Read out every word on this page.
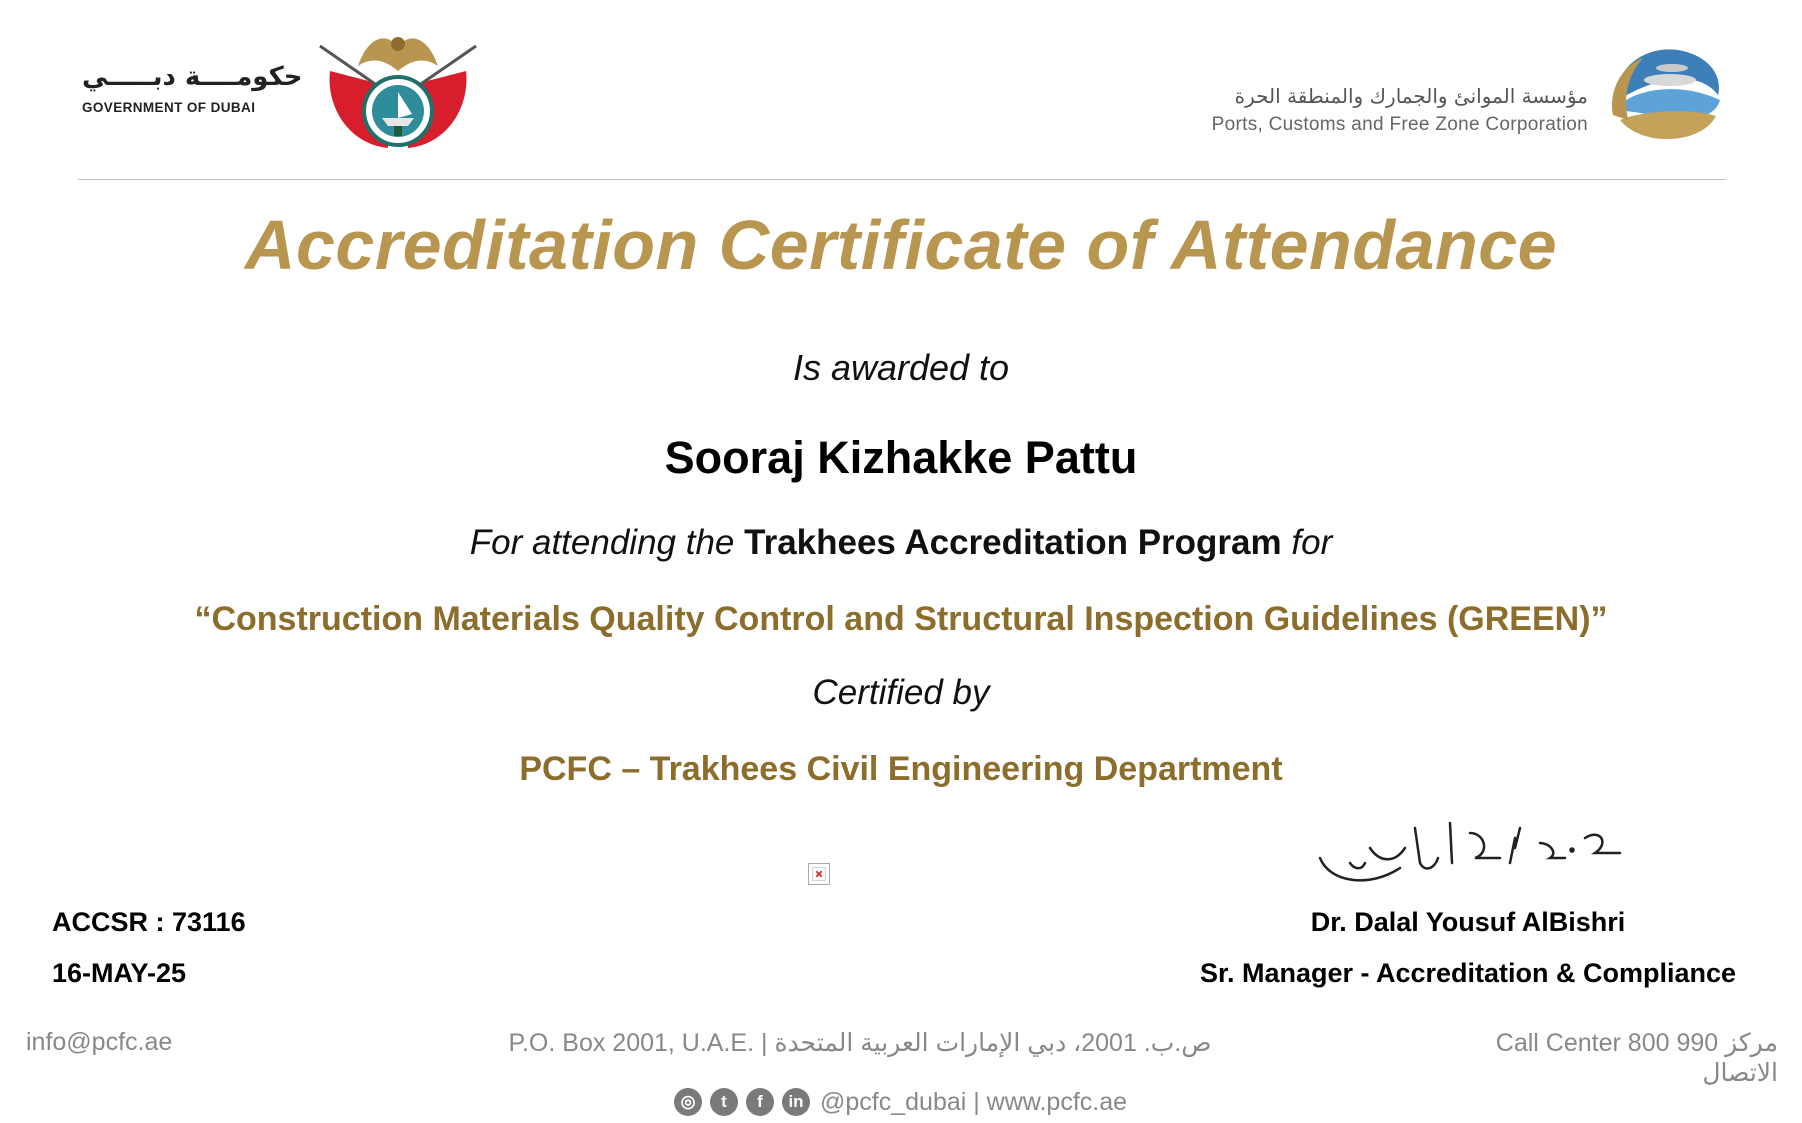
حكومــــة دبـــــي
GOVERNMENT OF DUBAI	مؤسسة الموانئ والجمارك والمنطقة الحرة
Ports, Customs and Free Zone Corporation
Accreditation Certificate of Attendance
Is awarded to
Sooraj Kizhakke Pattu
For attending the Trakhees Accreditation Program for
“Construction Materials Quality Control and Structural Inspection Guidelines (GREEN)”
Certified by
PCFC – Trakhees Civil Engineering Department
ACCSR : 73116
16-MAY-25
Dr. Dalal Yousuf AlBishri
Sr. Manager - Accreditation & Compliance
info@pcfc.ae	P.O. Box 2001, U.A.E. | ص.ب. 2001، دبي الإمارات العربية المتحدة	Call Center 800 990 مركز الاتصال
◎	t	f	in @pcfc_dubai | www.pcfc.ae
